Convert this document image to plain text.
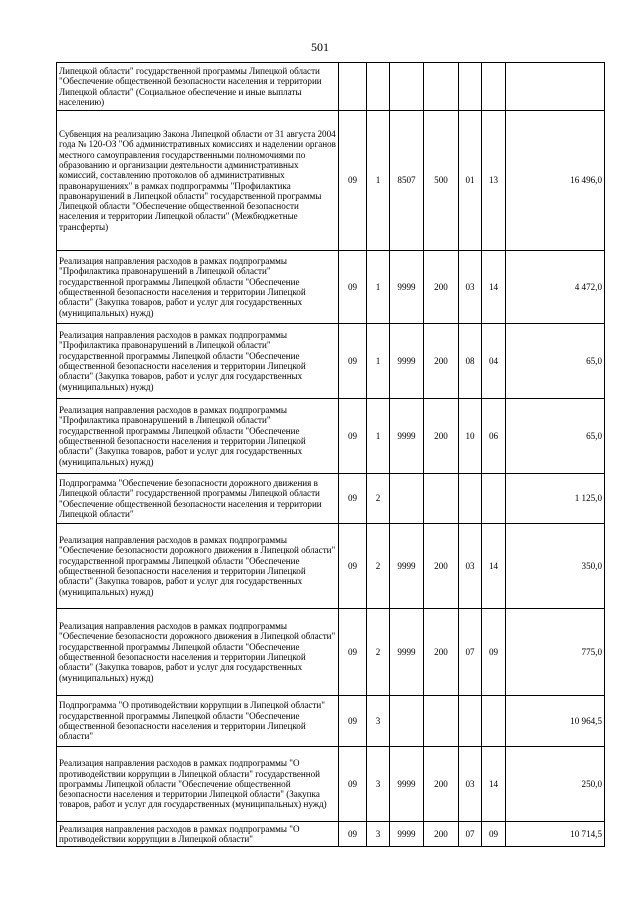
501
Липецкой области" государственной программы Липецкой области "Обеспечение общественной безопасности населения и территории Липецкой области" (Социальное обеспечение и иные выплаты населению)							
Субвенция на реализацию Закона Липецкой области от 31 августа 2004 года № 120-ОЗ "Об административных комиссиях и наделении органов местного самоуправления государственными полномочиями по образованию и организации деятельности административных комиссий, составлению протоколов об административных правонарушениях" в рамках подпрограммы "Профилактика правонарушений в Липецкой области" государственной программы Липецкой области "Обеспечение общественной безопасности населения и территории Липецкой области" (Межбюджетные трансферты)	09	1	8507	500	01	13	16 496,0
Реализация направления расходов в рамках подпрограммы "Профилактика правонарушений в Липецкой области" государственной программы Липецкой области "Обеспечение общественной безопасности населения и территории Липецкой области" (Закупка товаров, работ и услуг для государственных (муниципальных) нужд)	09	1	9999	200	03	14	4 472,0
Реализация направления расходов в рамках подпрограммы "Профилактика правонарушений в Липецкой области" государственной программы Липецкой области "Обеспечение общественной безопасности населения и территории Липецкой области" (Закупка товаров, работ и услуг для государственных (муниципальных) нужд)	09	1	9999	200	08	04	65,0
Реализация направления расходов в рамках подпрограммы "Профилактика правонарушений в Липецкой области" государственной программы Липецкой области "Обеспечение общественной безопасности населения и территории Липецкой области" (Закупка товаров, работ и услуг для государственных (муниципальных) нужд)	09	1	9999	200	10	06	65,0
Подпрограмма "Обеспечение безопасности дорожного движения в Липецкой области" государственной программы Липецкой области "Обеспечение общественной безопасности населения и территории Липецкой области"	09	2					1 125,0
Реализация направления расходов в рамках подпрограммы "Обеспечение безопасности дорожного движения в Липецкой области" государственной программы Липецкой области "Обеспечение общественной безопасности населения и территории Липецкой области" (Закупка товаров, работ и услуг для государственных (муниципальных) нужд)	09	2	9999	200	03	14	350,0
Реализация направления расходов в рамках подпрограммы "Обеспечение безопасности дорожного движения в Липецкой области" государственной программы Липецкой области "Обеспечение общественной безопасности населения и территории Липецкой области" (Закупка товаров, работ и услуг для государственных (муниципальных) нужд)	09	2	9999	200	07	09	775,0
Подпрограмма "О противодействии коррупции в Липецкой области" государственной программы Липецкой области "Обеспечение общественной безопасности населения и территории Липецкой области"	09	3					10 964,5
Реализация направления расходов в рамках подпрограммы "О противодействии коррупции в Липецкой области" государственной программы Липецкой области "Обеспечение общественной безопасности населения и территории Липецкой области" (Закупка товаров, работ и услуг для государственных (муниципальных) нужд)	09	3	9999	200	03	14	250,0
Реализация направления расходов в рамках подпрограммы "О противодействии коррупции в Липецкой области"	09	3	9999	200	07	09	10 714,5
